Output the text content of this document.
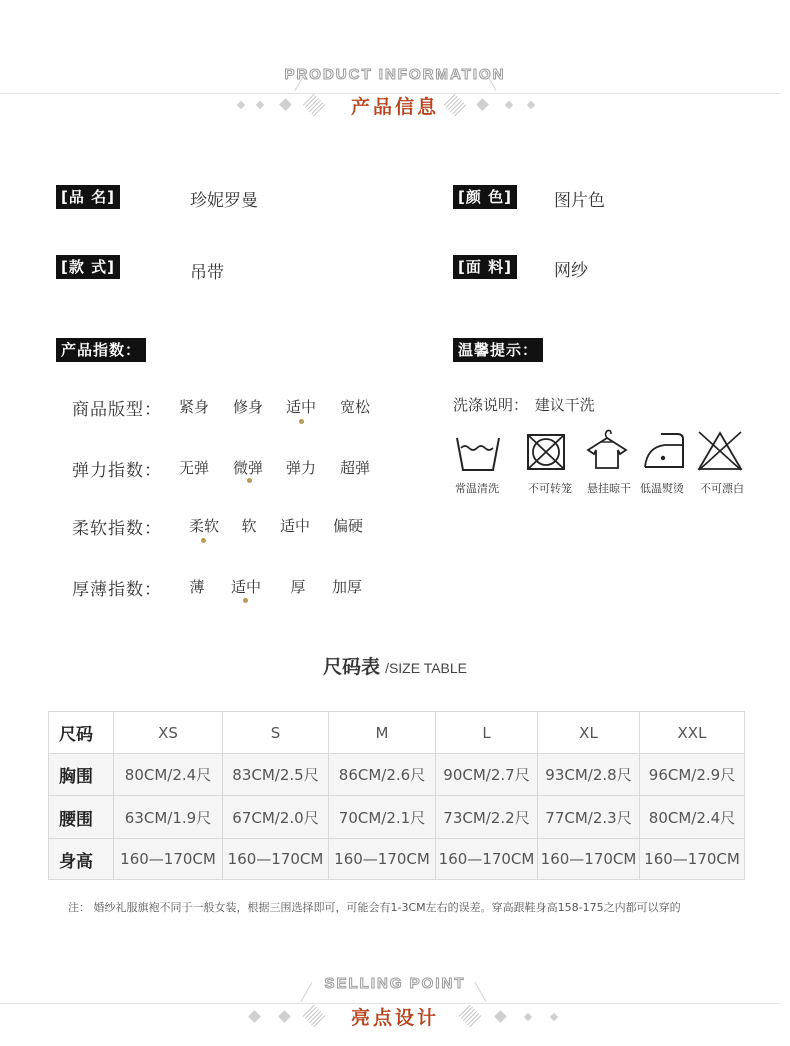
PRODUCT INFORMATION
产品信息
[品 名]	珍妮罗曼	[颜 色] 图片色
[款 式]	吊带	[面 料] 网纱
产品指数：
商品版型：	紧身	修身	适中	宽松
弹力指数：	无弹	微弹	弹力	超弹
柔软指数：	柔软	软	适中	偏硬
厚薄指数：	薄	适中	厚	加厚
温馨提示：
洗涤说明： 建议干洗
常温清洗	不可转笼	悬挂晾干 低温熨烫	不可漂白
尺码表 /SIZE TABLE
尺码	XS	S	M	L	XL	XXL
胸围	80CM/2.4尺	83CM/2.5尺	86CM/2.6尺	90CM/2.7尺	93CM/2.8尺	96CM/2.9尺
腰围	63CM/1.9尺	67CM/2.0尺	70CM/2.1尺	73CM/2.2尺	77CM/2.3尺	80CM/2.4尺
身高	160—170CM	160—170CM	160—170CM	160—170CM	160—170CM	160—170CM
注： 婚纱礼服旗袍不同于一般女装，根据三围选择即可，可能会有1-3CM左右的误差。穿高跟鞋身高158-175之内都可以穿的
SELLING POINT
亮点设计
